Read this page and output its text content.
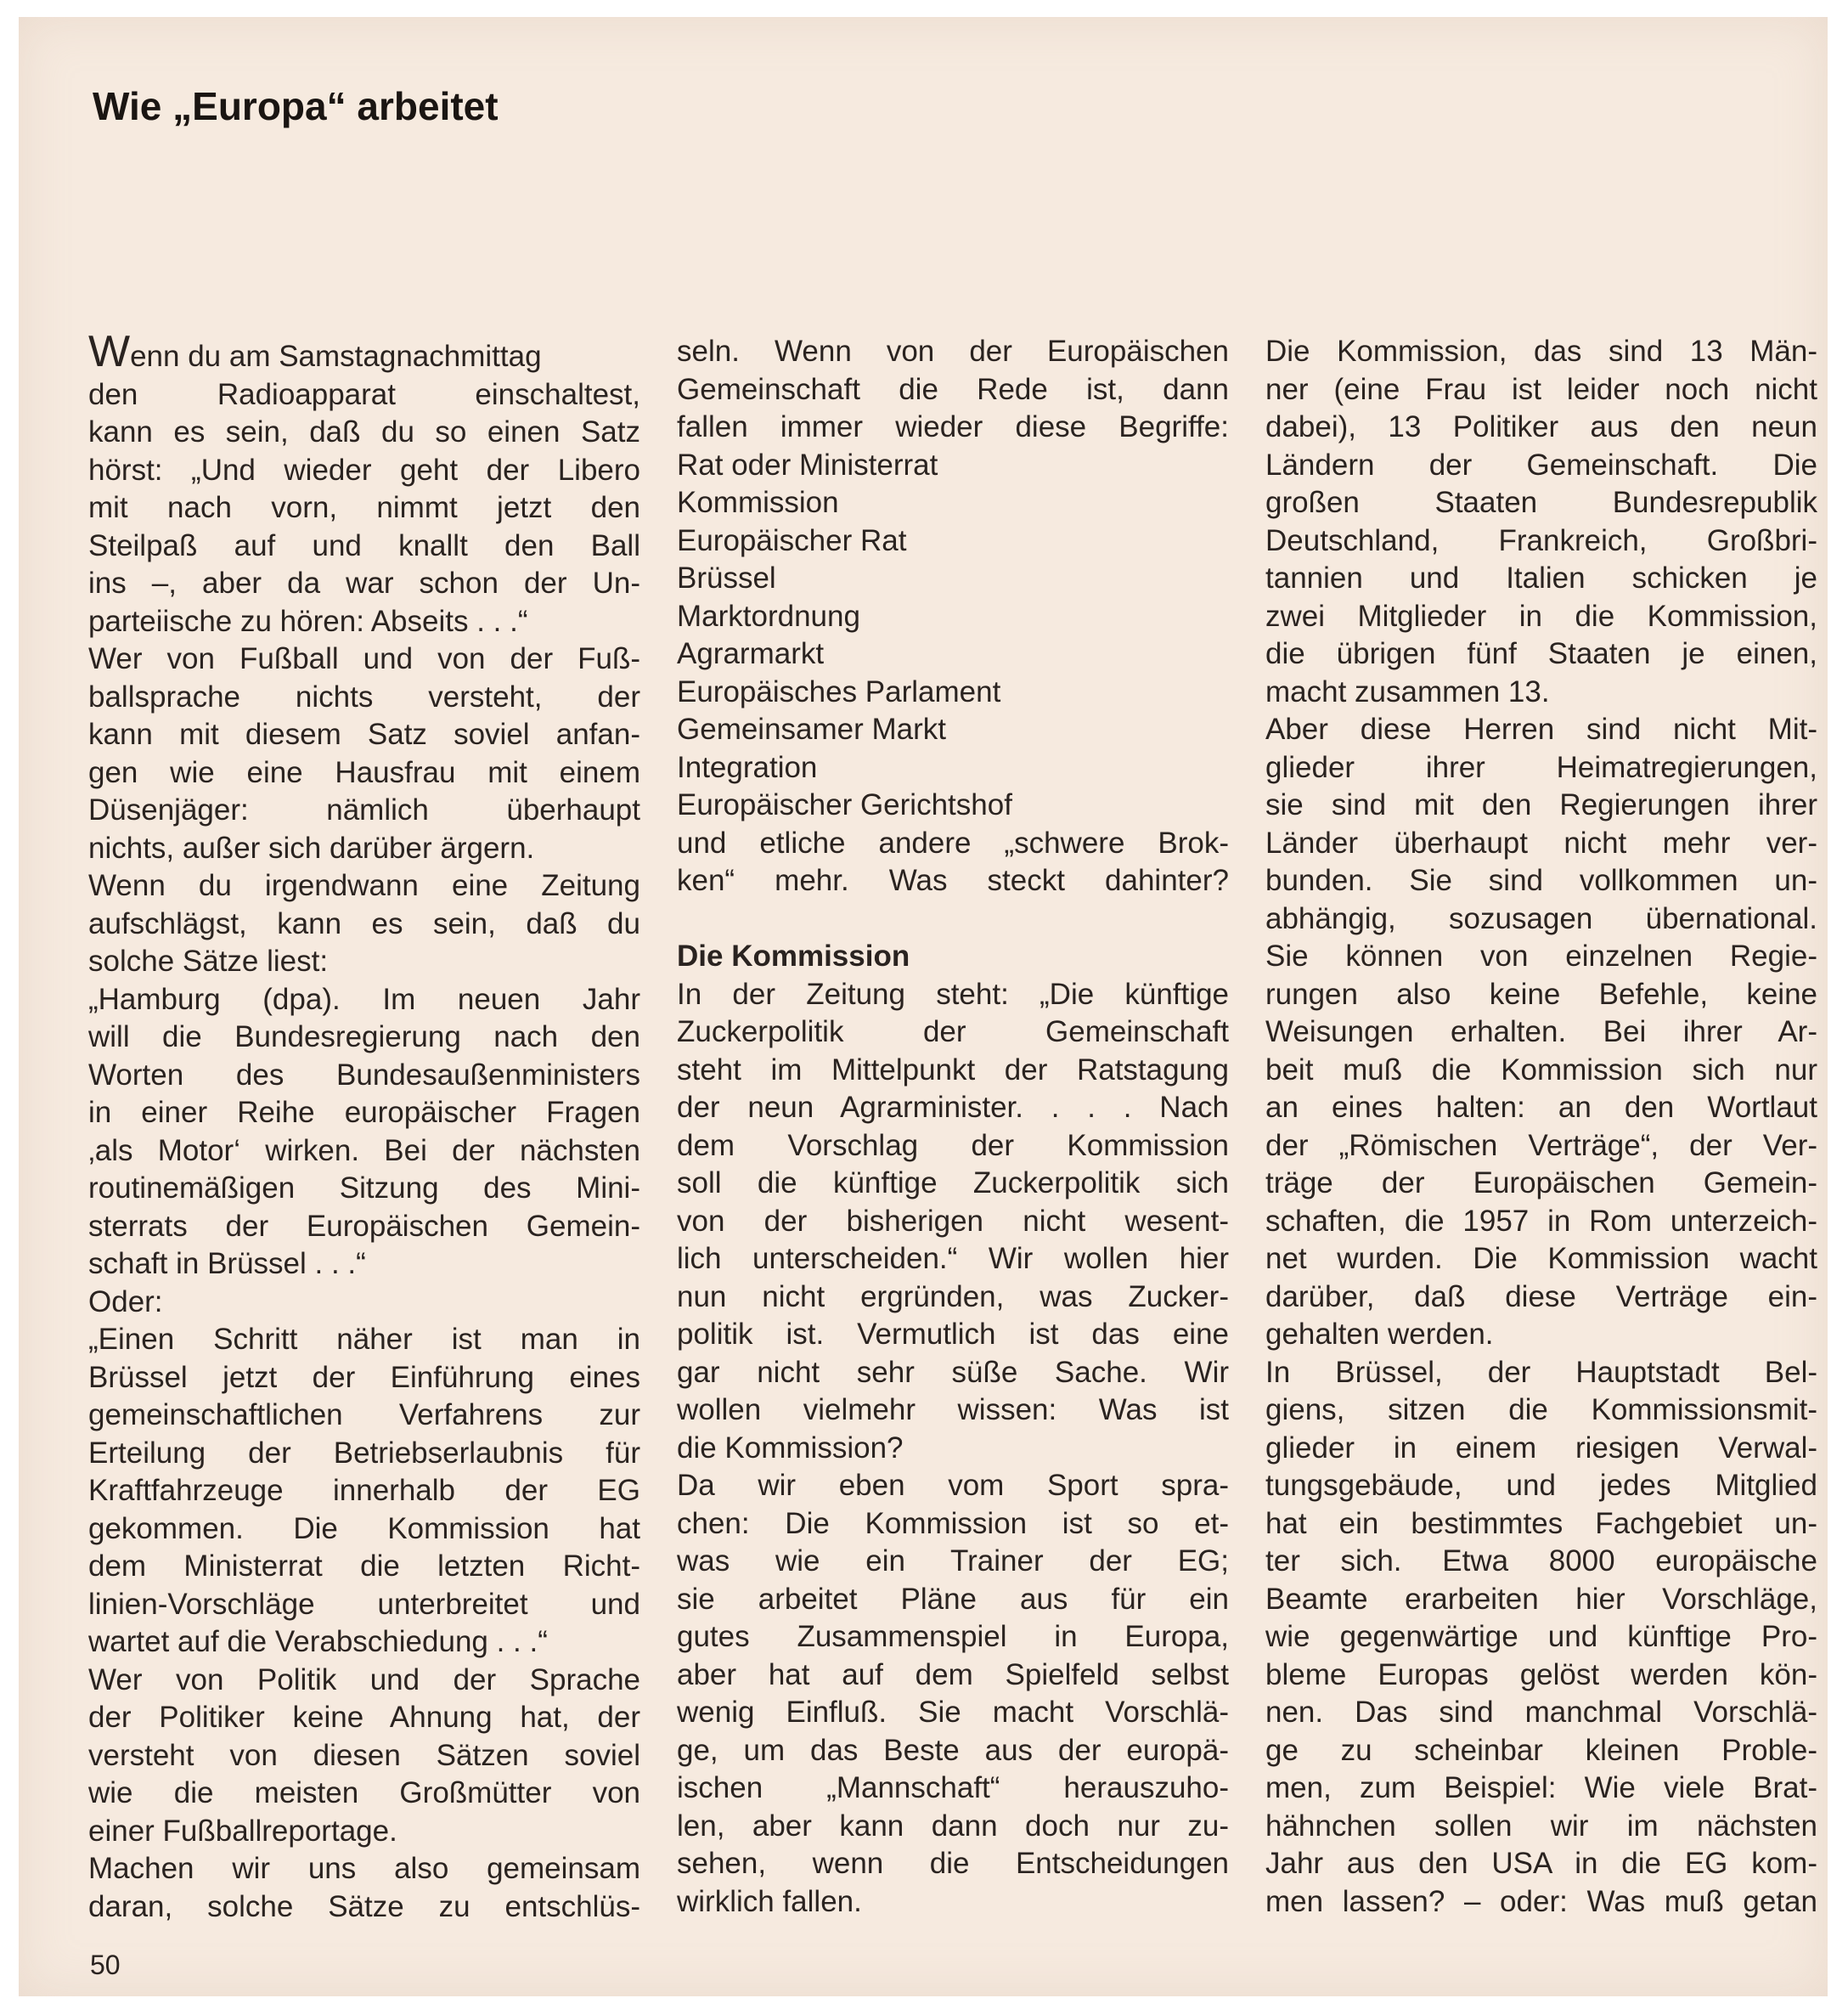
Wie „Europa“ arbeitet
Wenn du am Samstagnachmittag
den Radioapparat einschaltest,
kann es sein, daß du so einen Satz
hörst: „Und wieder geht der Libero
mit nach vorn, nimmt jetzt den
Steilpaß auf und knallt den Ball
ins –, aber da war schon der Un-
parteiische zu hören: Abseits . . .“
Wer von Fußball und von der Fuß-
ballsprache nichts versteht, der
kann mit diesem Satz soviel anfan-
gen wie eine Hausfrau mit einem
Düsenjäger: nämlich überhaupt
nichts, außer sich darüber ärgern.
Wenn du irgendwann eine Zeitung
aufschlägst, kann es sein, daß du
solche Sätze liest:
„Hamburg (dpa). Im neuen Jahr
will die Bundesregierung nach den
Worten des Bundesaußenministers
in einer Reihe europäischer Fragen
‚als Motor‘ wirken. Bei der nächsten
routinemäßigen Sitzung des Mini-
sterrats der Europäischen Gemein-
schaft in Brüssel . . .“
Oder:
„Einen Schritt näher ist man in
Brüssel jetzt der Einführung eines
gemeinschaftlichen Verfahrens zur
Erteilung der Betriebserlaubnis für
Kraftfahrzeuge innerhalb der EG
gekommen. Die Kommission hat
dem Ministerrat die letzten Richt-
linien-Vorschläge unterbreitet und
wartet auf die Verabschiedung . . .“
Wer von Politik und der Sprache
der Politiker keine Ahnung hat, der
versteht von diesen Sätzen soviel
wie die meisten Großmütter von
einer Fußballreportage.
Machen wir uns also gemeinsam
daran, solche Sätze zu entschlüs-
seln. Wenn von der Europäischen
Gemeinschaft die Rede ist, dann
fallen immer wieder diese Begriffe:
Rat oder Ministerrat
Kommission
Europäischer Rat
Brüssel
Marktordnung
Agrarmarkt
Europäisches Parlament
Gemeinsamer Markt
Integration
Europäischer Gerichtshof
und etliche andere „schwere Brok-
ken“ mehr. Was steckt dahinter?
Die Kommission
In der Zeitung steht: „Die künftige
Zuckerpolitik der Gemeinschaft
steht im Mittelpunkt der Ratstagung
der neun Agrarminister. . . . Nach
dem Vorschlag der Kommission
soll die künftige Zuckerpolitik sich
von der bisherigen nicht wesent-
lich unterscheiden.“ Wir wollen hier
nun nicht ergründen, was Zucker-
politik ist. Vermutlich ist das eine
gar nicht sehr süße Sache. Wir
wollen vielmehr wissen: Was ist
die Kommission?
Da wir eben vom Sport spra-
chen: Die Kommission ist so et-
was wie ein Trainer der EG;
sie arbeitet Pläne aus für ein
gutes Zusammenspiel in Europa,
aber hat auf dem Spielfeld selbst
wenig Einfluß. Sie macht Vorschlä-
ge, um das Beste aus der europä-
ischen „Mannschaft“ herauszuho-
len, aber kann dann doch nur zu-
sehen, wenn die Entscheidungen
wirklich fallen.
Die Kommission, das sind 13 Män-
ner (eine Frau ist leider noch nicht
dabei), 13 Politiker aus den neun
Ländern der Gemeinschaft. Die
großen Staaten Bundesrepublik
Deutschland, Frankreich, Großbri-
tannien und Italien schicken je
zwei Mitglieder in die Kommission,
die übrigen fünf Staaten je einen,
macht zusammen 13.
Aber diese Herren sind nicht Mit-
glieder ihrer Heimatregierungen,
sie sind mit den Regierungen ihrer
Länder überhaupt nicht mehr ver-
bunden. Sie sind vollkommen un-
abhängig, sozusagen übernational.
Sie können von einzelnen Regie-
rungen also keine Befehle, keine
Weisungen erhalten. Bei ihrer Ar-
beit muß die Kommission sich nur
an eines halten: an den Wortlaut
der „Römischen Verträge“, der Ver-
träge der Europäischen Gemein-
schaften, die 1957 in Rom unterzeich-
net wurden. Die Kommission wacht
darüber, daß diese Verträge ein-
gehalten werden.
In Brüssel, der Hauptstadt Bel-
giens, sitzen die Kommissionsmit-
glieder in einem riesigen Verwal-
tungsgebäude, und jedes Mitglied
hat ein bestimmtes Fachgebiet un-
ter sich. Etwa 8000 europäische
Beamte erarbeiten hier Vorschläge,
wie gegenwärtige und künftige Pro-
bleme Europas gelöst werden kön-
nen. Das sind manchmal Vorschlä-
ge zu scheinbar kleinen Proble-
men, zum Beispiel: Wie viele Brat-
hähnchen sollen wir im nächsten
Jahr aus den USA in die EG kom-
men lassen? – oder: Was muß getan
50
